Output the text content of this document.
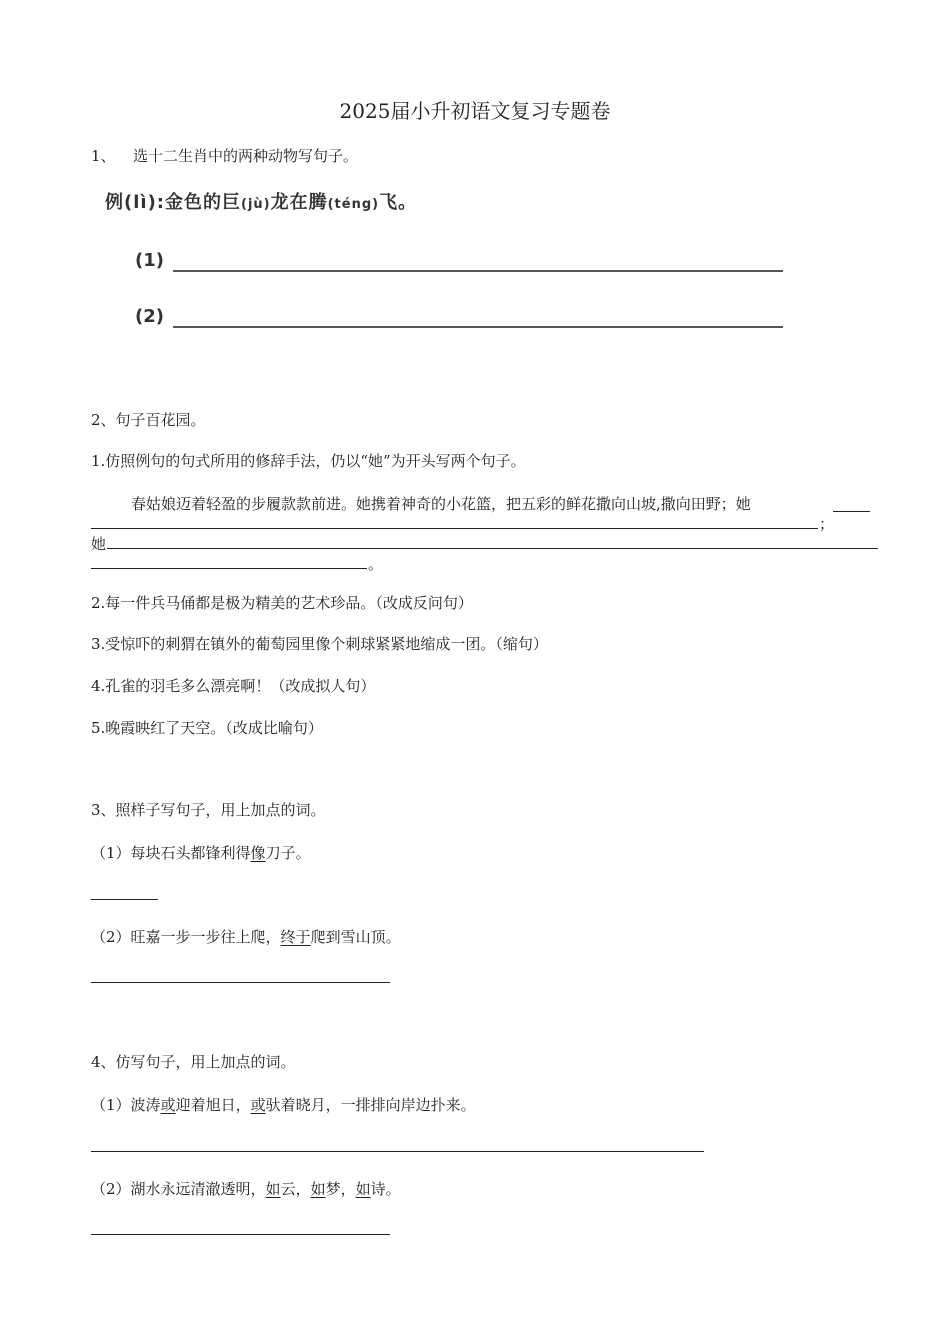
2025届小升初语文复习专题卷
1、 选十二生肖中的两种动物写句子。
例(lì):金色的巨(jù)龙在腾(téng)飞。
(1)
(2)
2、句子百花园。
1.仿照例句的句式所用的修辞手法，仍以“她”为开头写两个句子。
春姑娘迈着轻盈的步履款款前进。她携着神奇的小花篮，把五彩的鲜花撒向山坡,撒向田野；她
；
她
。
2.每一件兵马俑都是极为精美的艺术珍品。（改成反问句）
3.受惊吓的刺猬在镇外的葡萄园里像个刺球紧紧地缩成一团。（缩句）
4.孔雀的羽毛多么漂亮啊！（改成拟人句）
5.晚霞映红了天空。（改成比喻句）
3、照样子写句子，用上加点的词。
（1）每块石头都锋利得像刀子。
（2）旺嘉一步一步往上爬，终于爬到雪山顶。
4、仿写句子，用上加点的词。
（1）波涛或迎着旭日，或驮着晓月，一排排向岸边扑来。
（2）湖水永远清澈透明，如云，如梦，如诗。
